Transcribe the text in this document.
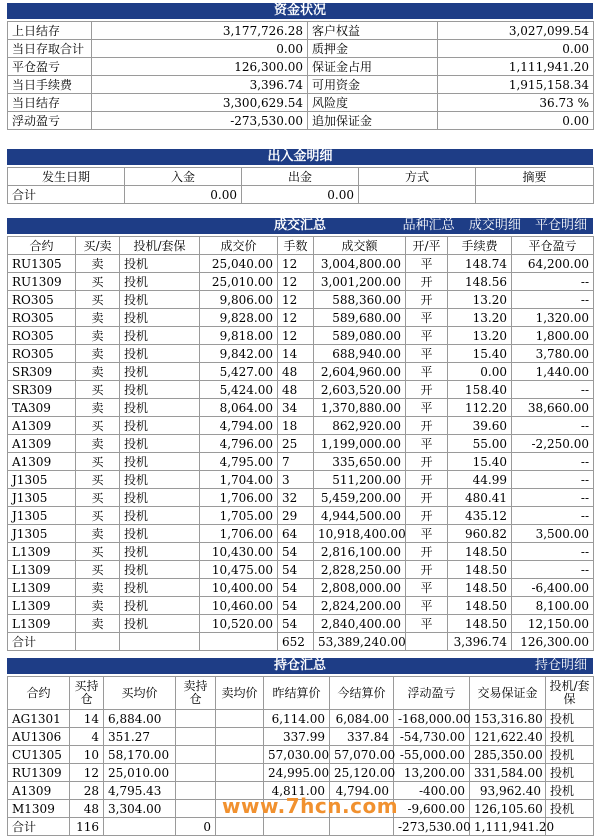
资金状况
上日结存	3,177,726.28	客户权益	3,027,099.54
当日存取合计	0.00	质押金	0.00
平仓盈亏	126,300.00	保证金占用	1,111,941.20
当日手续费	3,396.74	可用资金	1,915,158.34
当日结存	3,300,629.54	风险度	36.73 %
浮动盈亏	-273,530.00	追加保证金	0.00
出入金明细
发生日期	入金	出金	方式	摘要
合计	0.00	0.00		
成交汇总	品种汇总 成交明细 平仓明细
合约	买/卖	投机/套保	成交价	手数	成交额	开/平	手续费	平仓盈亏
RU1305	卖	投机	25,040.00	12	3,004,800.00	平	148.74	64,200.00
RU1309	买	投机	25,010.00	12	3,001,200.00	开	148.56	--
RO305	买	投机	9,806.00	12	588,360.00	开	13.20	--
RO305	卖	投机	9,828.00	12	589,680.00	平	13.20	1,320.00
RO305	卖	投机	9,818.00	12	589,080.00	平	13.20	1,800.00
RO305	卖	投机	9,842.00	14	688,940.00	平	15.40	3,780.00
SR309	卖	投机	5,427.00	48	2,604,960.00	平	0.00	1,440.00
SR309	买	投机	5,424.00	48	2,603,520.00	开	158.40	--
TA309	卖	投机	8,064.00	34	1,370,880.00	平	112.20	38,660.00
A1309	买	投机	4,794.00	18	862,920.00	开	39.60	--
A1309	卖	投机	4,796.00	25	1,199,000.00	平	55.00	-2,250.00
A1309	买	投机	4,795.00	7	335,650.00	开	15.40	--
J1305	买	投机	1,704.00	3	511,200.00	开	44.99	--
J1305	买	投机	1,706.00	32	5,459,200.00	开	480.41	--
J1305	买	投机	1,705.00	29	4,944,500.00	开	435.12	--
J1305	卖	投机	1,706.00	64	10,918,400.00	平	960.82	3,500.00
L1309	买	投机	10,430.00	54	2,816,100.00	开	148.50	--
L1309	买	投机	10,475.00	54	2,828,250.00	开	148.50	--
L1309	卖	投机	10,400.00	54	2,808,000.00	平	148.50	-6,400.00
L1309	卖	投机	10,460.00	54	2,824,200.00	平	148.50	8,100.00
L1309	卖	投机	10,520.00	54	2,840,400.00	平	148.50	12,150.00
合计				652	53,389,240.00		3,396.74	126,300.00
持仓汇总	持仓明细
合约	买持仓	买均价	卖持仓	卖均价	昨结算价	今结算价	浮动盈亏	交易保证金	投机/套保
AG1301	14	6,884.00			6,114.00	6,084.00	-168,000.00	153,316.80	投机
AU1306	4	351.27			337.99	337.84	-54,730.00	121,622.40	投机
CU1305	10	58,170.00			57,030.00	57,070.00	-55,000.00	285,350.00	投机
RU1309	12	25,010.00			24,995.00	25,120.00	13,200.00	331,584.00	投机
A1309	28	4,795.43			4,811.00	4,794.00	-400.00	93,962.40	投机
M1309	48	3,304.00					-9,600.00	126,105.60	投机
合计	116		0				-273,530.00	1,111,941.20	
www.7hcn.com
